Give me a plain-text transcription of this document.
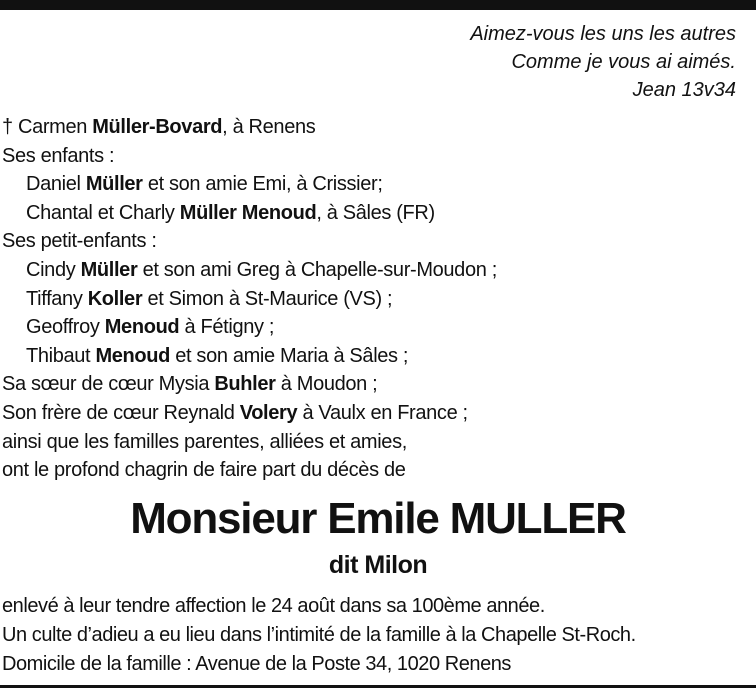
Aimez-vous les uns les autres
Comme je vous ai aimés.
Jean 13v34
† Carmen Müller-Bovard, à Renens
Ses enfants :
Daniel Müller et son amie Emi, à Crissier;
Chantal et Charly Müller Menoud, à Sâles (FR)
Ses petit-enfants :
Cindy Müller et son ami Greg à Chapelle-sur-Moudon ;
Tiffany Koller et Simon à St-Maurice (VS) ;
Geoffroy Menoud à Fétigny ;
Thibaut Menoud et son amie Maria à Sâles ;
Sa sœur de cœur Mysia Buhler à Moudon ;
Son frère de cœur Reynald Volery à Vaulx en France ;
ainsi que les familles parentes, alliées et amies,
ont le profond chagrin de faire part du décès de
Monsieur Emile MULLER
dit Milon
enlevé à leur tendre affection le 24 août dans sa 100ème année.
Un culte d’adieu a eu lieu dans l’intimité de la famille à la Chapelle St-Roch.
Domicile de la famille : Avenue de la Poste 34, 1020 Renens
